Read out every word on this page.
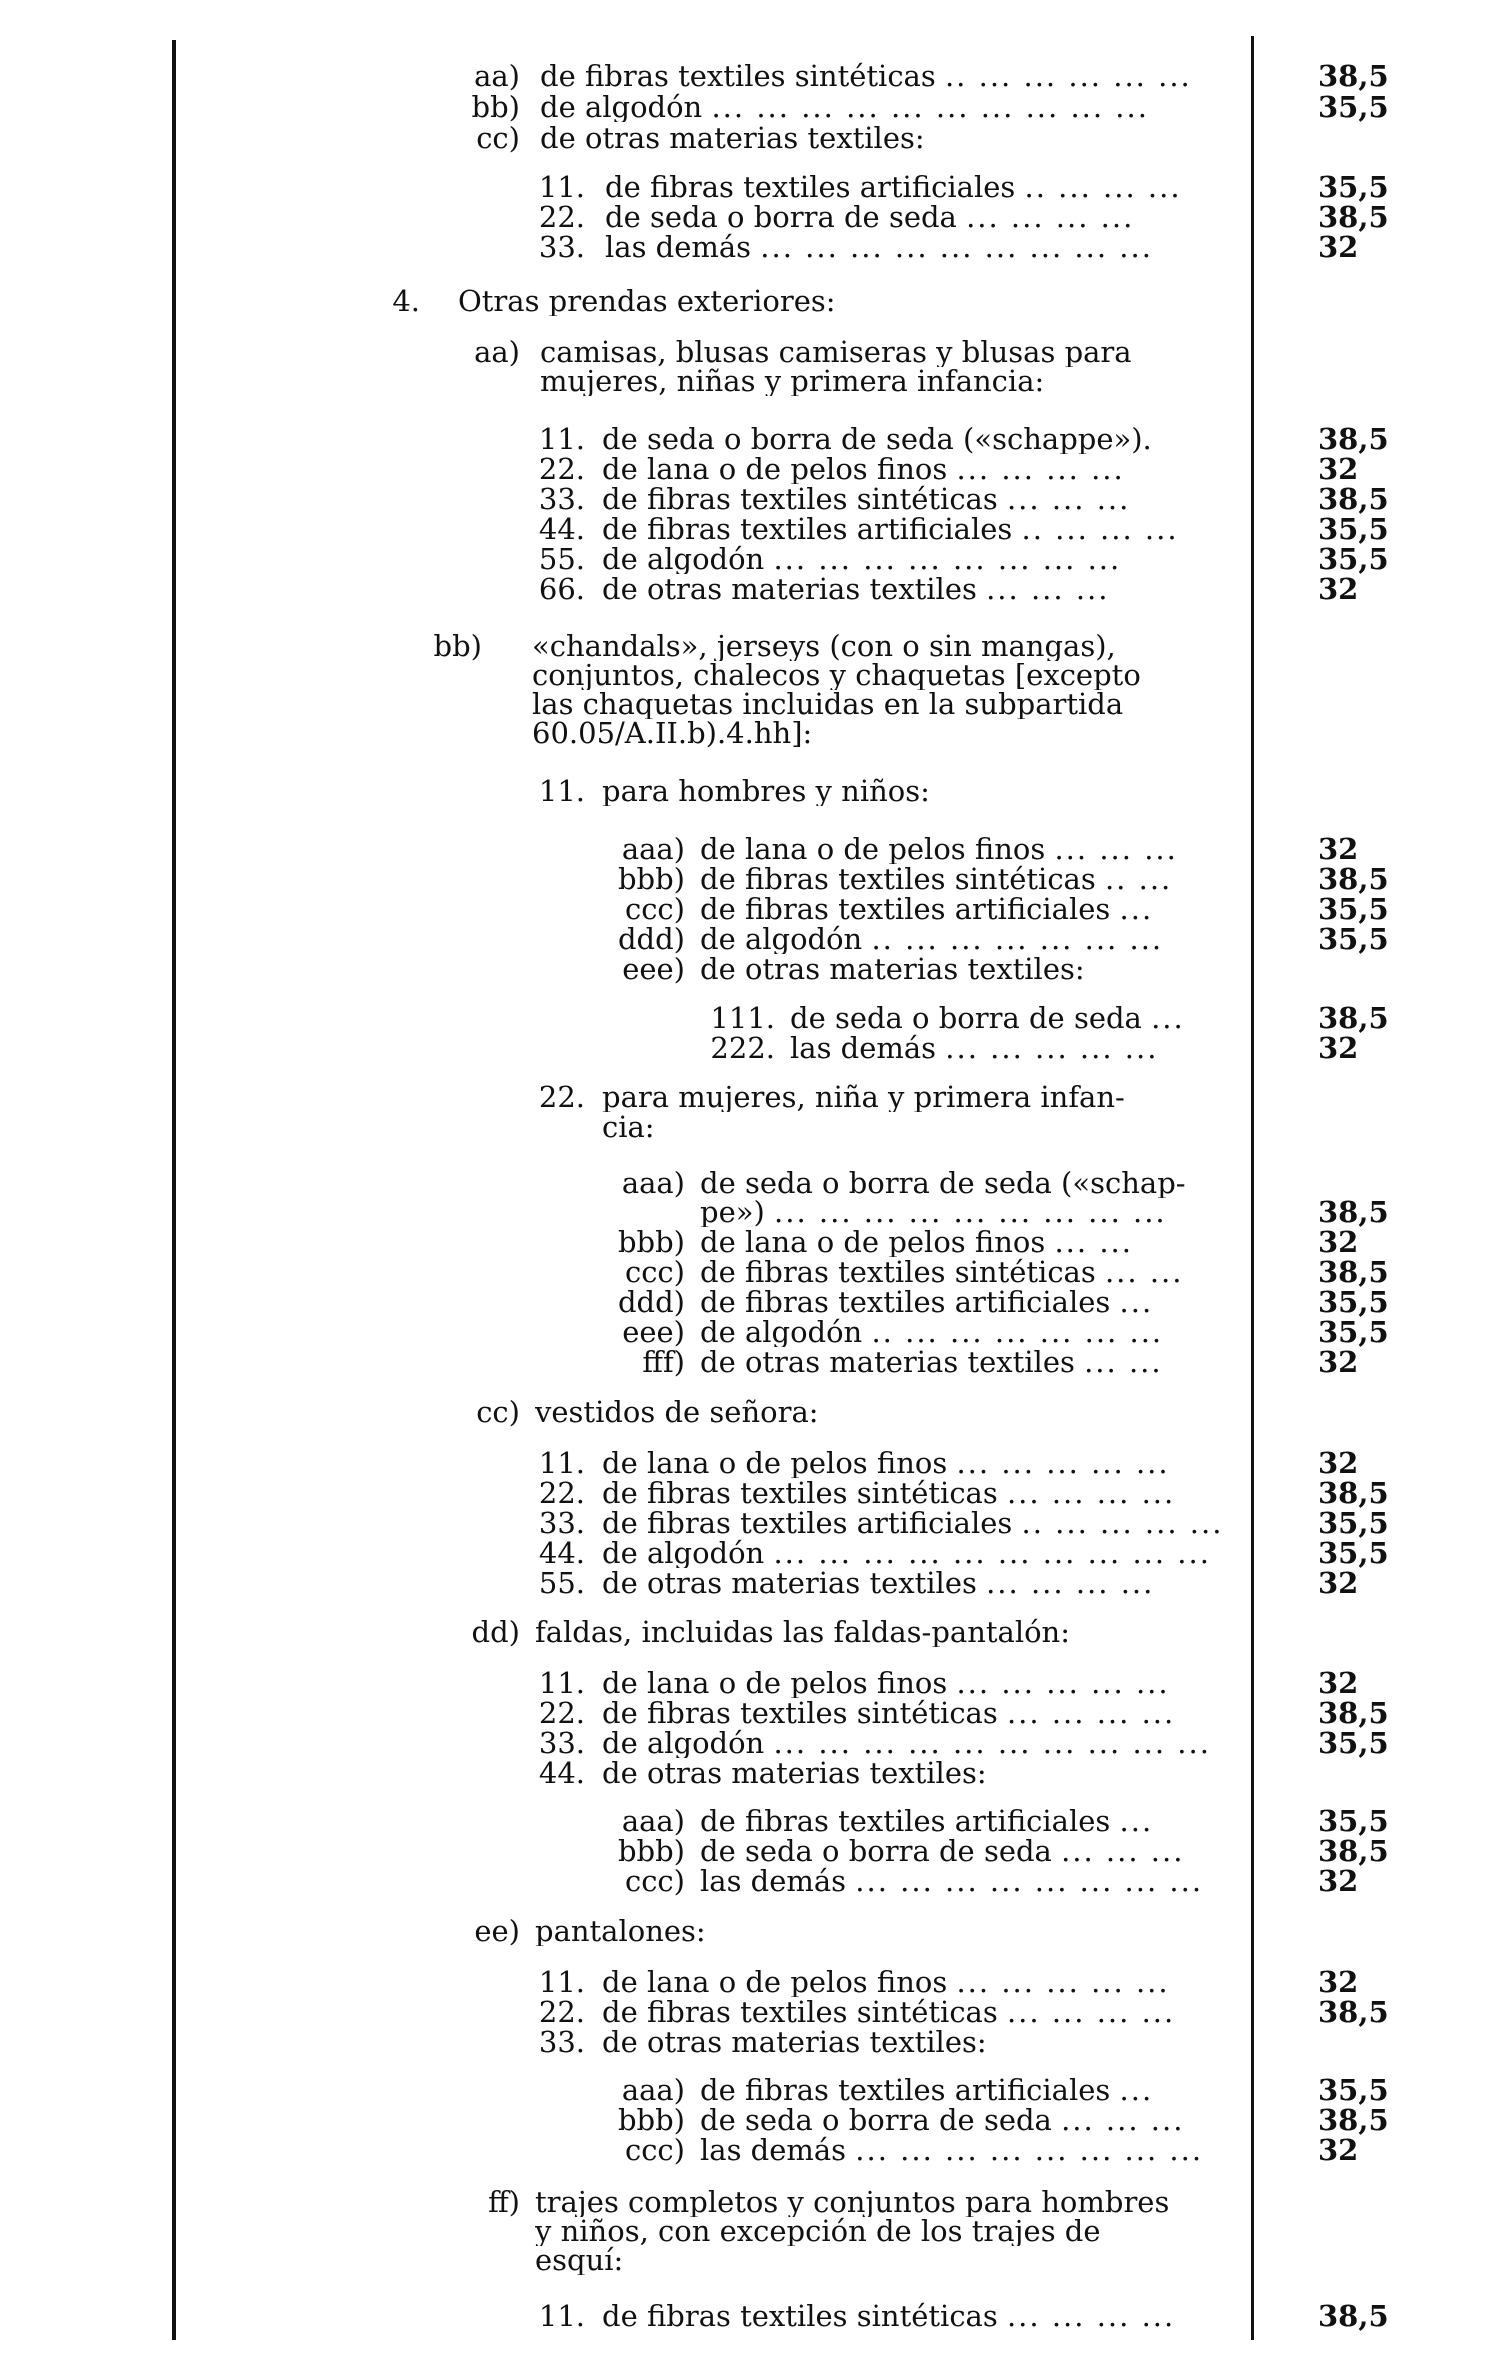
aa) de fibras textiles sintéticas .. ... ... ... ... ...	38,5
bb) de algodón ... ... ... ... ... ... ... ... ... ...	35,5
cc) de otras materias textiles:
11. de fibras textiles artificiales .. ... ... ...	35,5
22. de seda o borra de seda ... ... ... ...	38,5
33. las demás ... ... ... ... ... ... ... ... ...	32
4. Otras prendas exteriores:
aa) camisas, blusas camiseras y blusas para
mujeres, niñas y primera infancia:
11. de seda o borra de seda («schappe»).	38,5
22. de lana o de pelos finos ... ... ... ...	32
33. de fibras textiles sintéticas ... ... ...	38,5
44. de fibras textiles artificiales .. ... ... ...	35,5
55. de algodón ... ... ... ... ... ... ... ...	35,5
66. de otras materias textiles ... ... ...	32
bb) «chandals», jerseys (con o sin mangas),
conjuntos, chalecos y chaquetas [excepto
las chaquetas incluidas en la subpartida
60.05/A.II.b).4.hh]:
11. para hombres y niños:
aaa) de lana o de pelos finos ... ... ...	32
bbb) de fibras textiles sintéticas .. ...	38,5
ccc) de fibras textiles artificiales ...	35,5
ddd) de algodón .. ... ... ... ... ... ...	35,5
eee) de otras materias textiles:
111. de seda o borra de seda ...	38,5
222. las demás ... ... ... ... ...	32
22. para mujeres, niña y primera infan-
cia:
aaa) de seda o borra de seda («schap-
pe») ... ... ... ... ... ... ... ... ...	38,5
bbb) de lana o de pelos finos ... ...	32
ccc) de fibras textiles sintéticas ... ...	38,5
ddd) de fibras textiles artificiales ...	35,5
eee) de algodón .. ... ... ... ... ... ...	35,5
fff) de otras materias textiles ... ...	32
cc) vestidos de señora:
11. de lana o de pelos finos ... ... ... ... ...	32
22. de fibras textiles sintéticas ... ... ... ...	38,5
33. de fibras textiles artificiales .. ... ... ... ...	35,5
44. de algodón ... ... ... ... ... ... ... ... ... ...	35,5
55. de otras materias textiles ... ... ... ...	32
dd) faldas, incluidas las faldas-pantalón:
11. de lana o de pelos finos ... ... ... ... ...	32
22. de fibras textiles sintéticas ... ... ... ...	38,5
33. de algodón ... ... ... ... ... ... ... ... ... ...	35,5
44. de otras materias textiles:
aaa) de fibras textiles artificiales ...	35,5
bbb) de seda o borra de seda ... ... ...	38,5
ccc) las demás ... ... ... ... ... ... ... ...	32
ee) pantalones:
11. de lana o de pelos finos ... ... ... ... ...	32
22. de fibras textiles sintéticas ... ... ... ...	38,5
33. de otras materias textiles:
aaa) de fibras textiles artificiales ...	35,5
bbb) de seda o borra de seda ... ... ...	38,5
ccc) las demás ... ... ... ... ... ... ... ...	32
ff) trajes completos y conjuntos para hombres
y niños, con excepción de los trajes de
esquí:
11. de fibras textiles sintéticas ... ... ... ...	38,5
